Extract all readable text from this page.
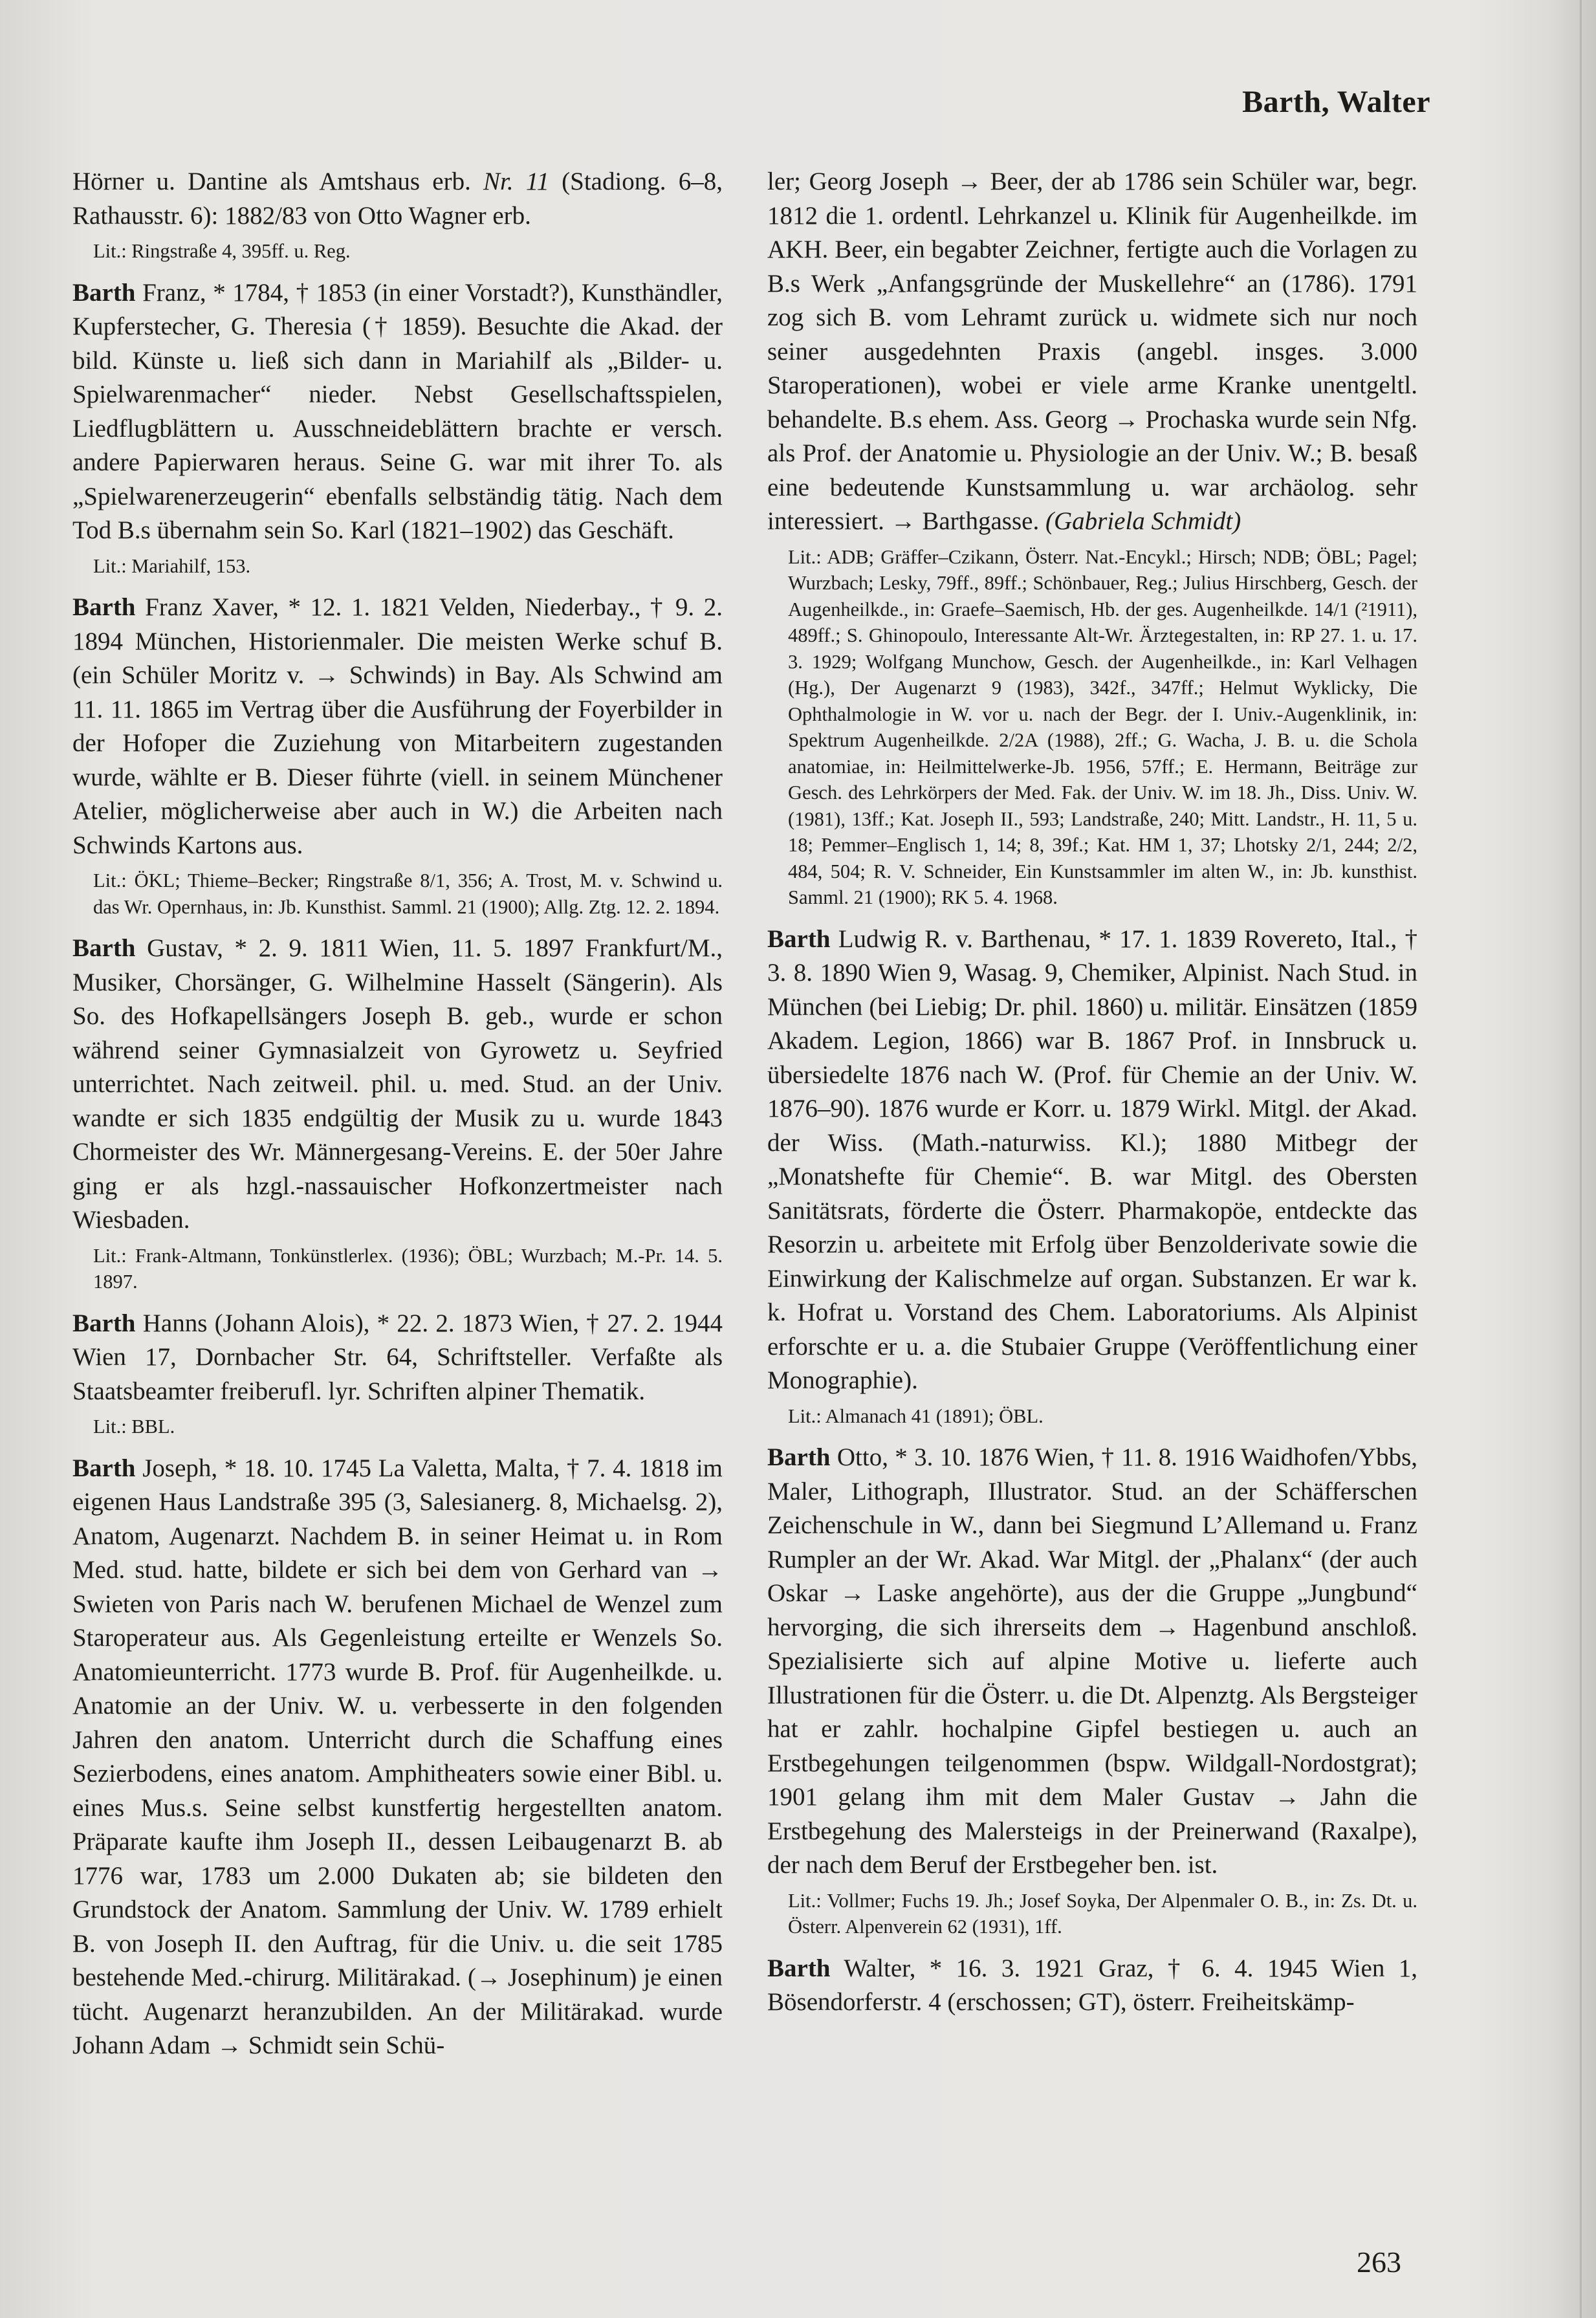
Barth, Walter

Hörner u. Dantine als Amtshaus erb. Nr. 11 (Stadiong. 6–8, Rathausstr. 6): 1882/83 von Otto Wagner erb.

Lit.: Ringstraße 4, 395ff. u. Reg.

Barth Franz, * 1784, † 1853 (in einer Vorstadt?), Kunsthändler, Kupferstecher, G. Theresia († 1859). Besuchte die Akad. der bild. Künste u. ließ sich dann in Mariahilf als „Bilder- u. Spielwarenmacher“ nieder. Nebst Gesellschaftsspielen, Liedflugblättern u. Ausschneideblättern brachte er versch. andere Papierwaren heraus. Seine G. war mit ihrer To. als „Spielwarenerzeugerin“ ebenfalls selbständig tätig. Nach dem Tod B.s übernahm sein So. Karl (1821–1902) das Geschäft.

Lit.: Mariahilf, 153.

Barth Franz Xaver, * 12. 1. 1821 Velden, Niederbay., † 9. 2. 1894 München, Historienmaler. Die meisten Werke schuf B. (ein Schüler Moritz v. → Schwinds) in Bay. Als Schwind am 11. 11. 1865 im Vertrag über die Ausführung der Foyerbilder in der Hofoper die Zuziehung von Mitarbeitern zugestanden wurde, wählte er B. Dieser führte (viell. in seinem Münchener Atelier, möglicherweise aber auch in W.) die Arbeiten nach Schwinds Kartons aus.

Lit.: ÖKL; Thieme–Becker; Ringstraße 8/1, 356; A. Trost, M. v. Schwind u. das Wr. Opernhaus, in: Jb. Kunsthist. Samml. 21 (1900); Allg. Ztg. 12. 2. 1894.

Barth Gustav, * 2. 9. 1811 Wien, 11. 5. 1897 Frankfurt/M., Musiker, Chorsänger, G. Wilhelmine Hasselt (Sängerin). Als So. des Hofkapellsängers Joseph B. geb., wurde er schon während seiner Gymnasialzeit von Gyrowetz u. Seyfried unterrichtet. Nach zeitweil. phil. u. med. Stud. an der Univ. wandte er sich 1835 endgültig der Musik zu u. wurde 1843 Chormeister des Wr. Männergesang-Vereins. E. der 50er Jahre ging er als hzgl.-nassauischer Hofkonzertmeister nach Wiesbaden.

Lit.: Frank-Altmann, Tonkünstlerlex. (1936); ÖBL; Wurzbach; M.-Pr. 14. 5. 1897.

Barth Hanns (Johann Alois), * 22. 2. 1873 Wien, † 27. 2. 1944 Wien 17, Dornbacher Str. 64, Schriftsteller. Verfaßte als Staatsbeamter freiberufl. lyr. Schriften alpiner Thematik.

Lit.: BBL.

Barth Joseph, * 18. 10. 1745 La Valetta, Malta, † 7. 4. 1818 im eigenen Haus Landstraße 395 (3, Salesianerg. 8, Michaelsg. 2), Anatom, Augenarzt. Nachdem B. in seiner Heimat u. in Rom Med. stud. hatte, bildete er sich bei dem von Gerhard van → Swieten von Paris nach W. berufenen Michael de Wenzel zum Staroperateur aus. Als Gegenleistung erteilte er Wenzels So. Anatomieunterricht. 1773 wurde B. Prof. für Augenheilkde. u. Anatomie an der Univ. W. u. verbesserte in den folgenden Jahren den anatom. Unterricht durch die Schaffung eines Sezierbodens, eines anatom. Amphitheaters sowie einer Bibl. u. eines Mus.s. Seine selbst kunstfertig hergestellten anatom. Präparate kaufte ihm Joseph II., dessen Leibaugenarzt B. ab 1776 war, 1783 um 2.000 Dukaten ab; sie bildeten den Grundstock der Anatom. Sammlung der Univ. W. 1789 erhielt B. von Joseph II. den Auftrag, für die Univ. u. die seit 1785 bestehende Med.-chirurg. Militärakad. (→ Josephinum) je einen tücht. Augenarzt heranzubilden. An der Militärakad. wurde Johann Adam → Schmidt sein Schü-

ler; Georg Joseph → Beer, der ab 1786 sein Schüler war, begr. 1812 die 1. ordentl. Lehrkanzel u. Klinik für Augenheilkde. im AKH. Beer, ein begabter Zeichner, fertigte auch die Vorlagen zu B.s Werk „Anfangsgründe der Muskellehre“ an (1786). 1791 zog sich B. vom Lehramt zurück u. widmete sich nur noch seiner ausgedehnten Praxis (angebl. insges. 3.000 Staroperationen), wobei er viele arme Kranke unentgeltl. behandelte. B.s ehem. Ass. Georg → Prochaska wurde sein Nfg. als Prof. der Anatomie u. Physiologie an der Univ. W.; B. besaß eine bedeutende Kunstsammlung u. war archäolog. sehr interessiert. → Barthgasse. (Gabriela Schmidt)

Lit.: ADB; Gräffer–Czikann, Österr. Nat.-Encykl.; Hirsch; NDB; ÖBL; Pagel; Wurzbach; Lesky, 79ff., 89ff.; Schönbauer, Reg.; Julius Hirschberg, Gesch. der Augenheilkde., in: Graefe–Saemisch, Hb. der ges. Augenheilkde. 14/1 (²1911), 489ff.; S. Ghinopoulo, Interessante Alt-Wr. Ärztegestalten, in: RP 27. 1. u. 17. 3. 1929; Wolfgang Munchow, Gesch. der Augenheilkde., in: Karl Velhagen (Hg.), Der Augenarzt 9 (1983), 342f., 347ff.; Helmut Wyklicky, Die Ophthalmologie in W. vor u. nach der Begr. der I. Univ.-Augenklinik, in: Spektrum Augenheilkde. 2/2A (1988), 2ff.; G. Wacha, J. B. u. die Schola anatomiae, in: Heilmittelwerke-Jb. 1956, 57ff.; E. Hermann, Beiträge zur Gesch. des Lehrkörpers der Med. Fak. der Univ. W. im 18. Jh., Diss. Univ. W. (1981), 13ff.; Kat. Joseph II., 593; Landstraße, 240; Mitt. Landstr., H. 11, 5 u. 18; Pemmer–Englisch 1, 14; 8, 39f.; Kat. HM 1, 37; Lhotsky 2/1, 244; 2/2, 484, 504; R. V. Schneider, Ein Kunstsammler im alten W., in: Jb. kunsthist. Samml. 21 (1900); RK 5. 4. 1968.

Barth Ludwig R. v. Barthenau, * 17. 1. 1839 Rovereto, Ital., † 3. 8. 1890 Wien 9, Wasag. 9, Chemiker, Alpinist. Nach Stud. in München (bei Liebig; Dr. phil. 1860) u. militär. Einsätzen (1859 Akadem. Legion, 1866) war B. 1867 Prof. in Innsbruck u. übersiedelte 1876 nach W. (Prof. für Chemie an der Univ. W. 1876–90). 1876 wurde er Korr. u. 1879 Wirkl. Mitgl. der Akad. der Wiss. (Math.-naturwiss. Kl.); 1880 Mitbegr der „Monatshefte für Chemie“. B. war Mitgl. des Obersten Sanitätsrats, förderte die Österr. Pharmakopöe, entdeckte das Resorzin u. arbeitete mit Erfolg über Benzolderivate sowie die Einwirkung der Kalischmelze auf organ. Substanzen. Er war k. k. Hofrat u. Vorstand des Chem. Laboratoriums. Als Alpinist erforschte er u. a. die Stubaier Gruppe (Veröffentlichung einer Monographie).

Lit.: Almanach 41 (1891); ÖBL.

Barth Otto, * 3. 10. 1876 Wien, † 11. 8. 1916 Waidhofen/Ybbs, Maler, Lithograph, Illustrator. Stud. an der Schäfferschen Zeichenschule in W., dann bei Siegmund L’Allemand u. Franz Rumpler an der Wr. Akad. War Mitgl. der „Phalanx“ (der auch Oskar → Laske angehörte), aus der die Gruppe „Jungbund“ hervorging, die sich ihrerseits dem → Hagenbund anschloß. Spezialisierte sich auf alpine Motive u. lieferte auch Illustrationen für die Österr. u. die Dt. Alpenztg. Als Bergsteiger hat er zahlr. hochalpine Gipfel bestiegen u. auch an Erstbegehungen teilgenommen (bspw. Wildgall-Nordostgrat); 1901 gelang ihm mit dem Maler Gustav → Jahn die Erstbegehung des Malersteigs in der Preinerwand (Raxalpe), der nach dem Beruf der Erstbegeher ben. ist.

Lit.: Vollmer; Fuchs 19. Jh.; Josef Soyka, Der Alpenmaler O. B., in: Zs. Dt. u. Österr. Alpenverein 62 (1931), 1ff.

Barth Walter, * 16. 3. 1921 Graz, † 6. 4. 1945 Wien 1, Bösendorferstr. 4 (erschossen; GT), österr. Freiheitskämp-

263
